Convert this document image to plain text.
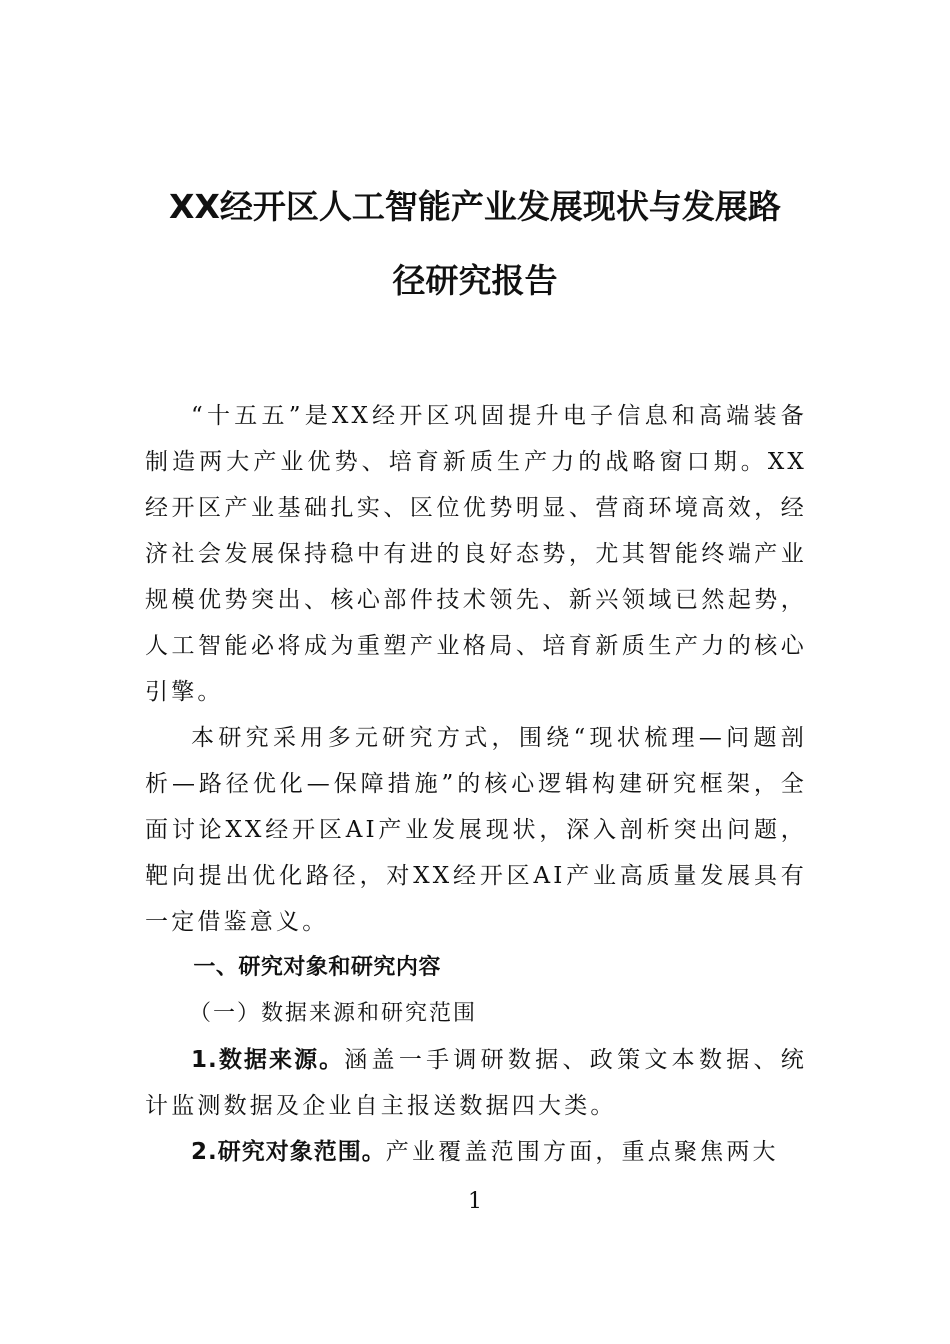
XX经开区人工智能产业发展现状与发展路
径研究报告

“十五五”是XX经开区巩固提升电子信息和高端装备制造两大产业优势、培育新质生产力的战略窗口期。XX经开区产业基础扎实、区位优势明显、营商环境高效，经济社会发展保持稳中有进的良好态势，尤其智能终端产业规模优势突出、核心部件技术领先、新兴领域已然起势，人工智能必将成为重塑产业格局、培育新质生产力的核心引擎。

本研究采用多元研究方式，围绕“现状梳理—问题剖析—路径优化—保障措施”的核心逻辑构建研究框架，全面讨论XX经开区AI产业发展现状，深入剖析突出问题，靶向提出优化路径，对XX经开区AI产业高质量发展具有一定借鉴意义。

一、研究对象和研究内容

（一）数据来源和研究范围

1.数据来源。涵盖一手调研数据、政策文本数据、统计监测数据及企业自主报送数据四大类。

2.研究对象范围。产业覆盖范围方面，重点聚焦两大

1
